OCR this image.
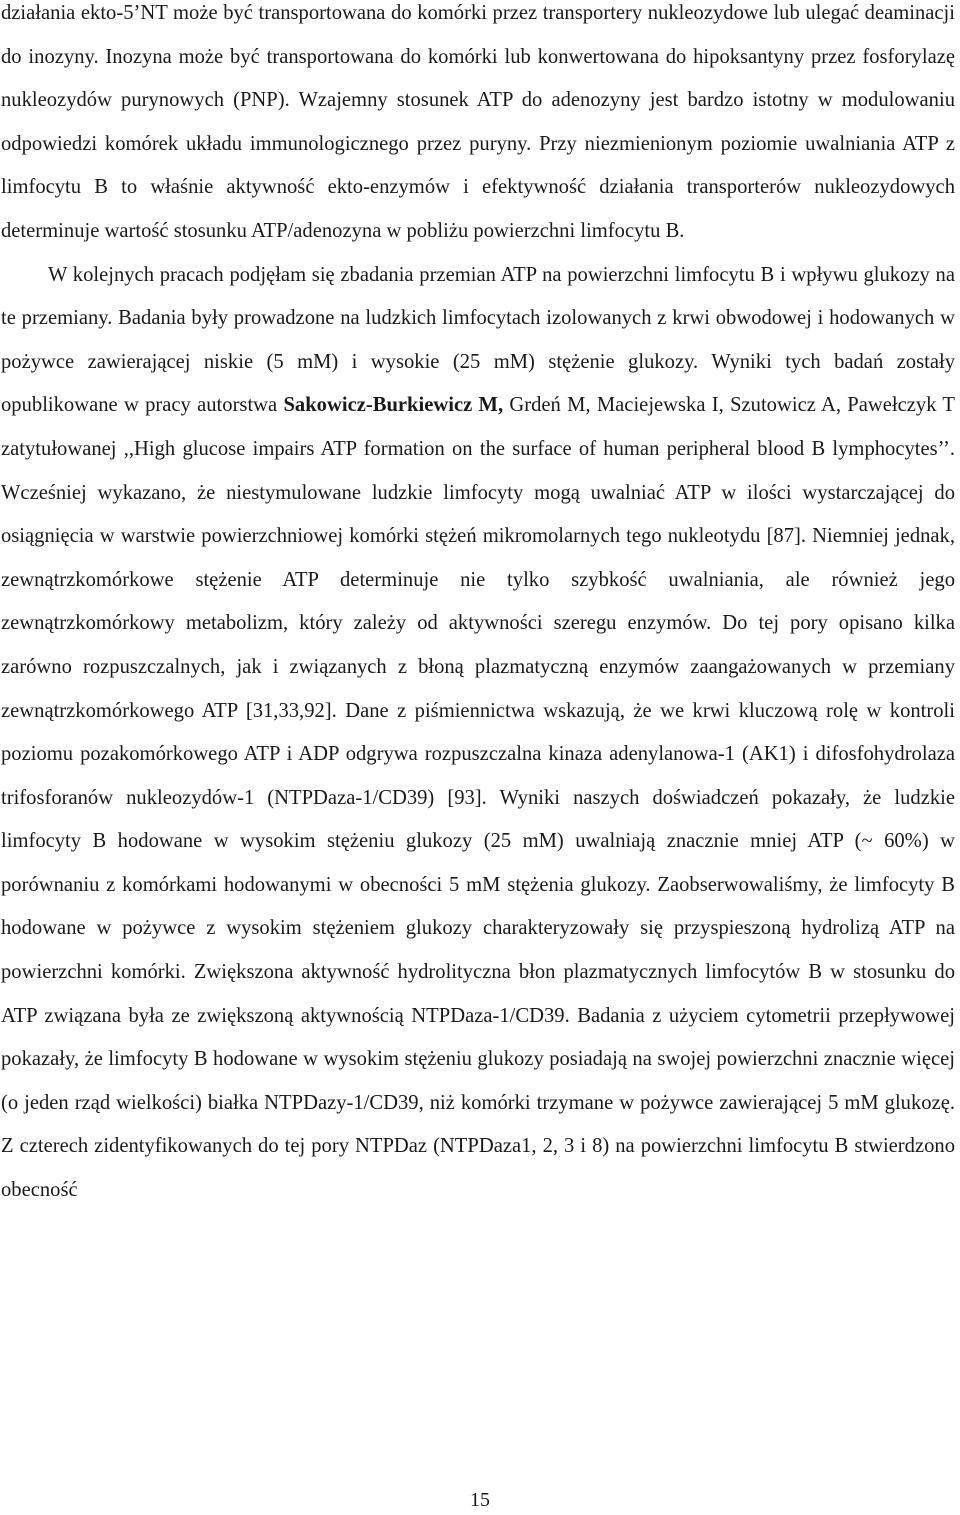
działania ekto-5’NT może być transportowana do komórki przez transportery nukleozydowe lub ulegać deaminacji do inozyny. Inozyna może być transportowana do komórki lub konwertowana do hipoksantyny przez fosforylazę nukleozydów purynowych (PNP). Wzajemny stosunek ATP do adenozyny jest bardzo istotny w modulowaniu odpowiedzi komórek układu immunologicznego przez puryny. Przy niezmienionym poziomie uwalniania ATP z limfocytu B to właśnie aktywność ekto-enzymów i efektywność działania transporterów nukleozydowych determinuje wartość stosunku ATP/adenozyna w pobliżu powierzchni limfocytu B.

W kolejnych pracach podjęłam się zbadania przemian ATP na powierzchni limfocytu B i wpływu glukozy na te przemiany. Badania były prowadzone na ludzkich limfocytach izolowanych z krwi obwodowej i hodowanych w pożywce zawierającej niskie (5 mM) i wysokie (25 mM) stężenie glukozy. Wyniki tych badań zostały opublikowane w pracy autorstwa Sakowicz-Burkiewicz M, Grdeń M, Maciejewska I, Szutowicz A, Pawełczyk T zatytułowanej ,,High glucose impairs ATP formation on the surface of human peripheral blood B lymphocytes’’. Wcześniej wykazano, że niestymulowane ludzkie limfocyty mogą uwalniać ATP w ilości wystarczającej do osiągnięcia w warstwie powierzchniowej komórki stężeń mikromolarnych tego nukleotydu [87]. Niemniej jednak, zewnątrzkomórkowe stężenie ATP determinuje nie tylko szybkość uwalniania, ale również jego zewnątrzkomórkowy metabolizm, który zależy od aktywności szeregu enzymów. Do tej pory opisano kilka zarówno rozpuszczalnych, jak i związanych z błoną plazmatyczną enzymów zaangażowanych w przemiany zewnątrzkomórkowego ATP [31,33,92]. Dane z piśmiennictwa wskazują, że we krwi kluczową rolę w kontroli poziomu pozakomórkowego ATP i ADP odgrywa rozpuszczalna kinaza adenylanowa-1 (AK1) i difosfohydrolaza trifosforanów nukleozydów-1 (NTPDaza-1/CD39) [93]. Wyniki naszych doświadczeń pokazały, że ludzkie limfocyty B hodowane w wysokim stężeniu glukozy (25 mM) uwalniają znacznie mniej ATP (~ 60%) w porównaniu z komórkami hodowanymi w obecności 5 mM stężenia glukozy. Zaobserwowaliśmy, że limfocyty B hodowane w pożywce z wysokim stężeniem glukozy charakteryzowały się przyspieszoną hydrolizą ATP na powierzchni komórki. Zwiększona aktywność hydrolityczna błon plazmatycznych limfocytów B w stosunku do ATP związana była ze zwiększoną aktywnością NTPDaza-1/CD39. Badania z użyciem cytometrii przepływowej pokazały, że limfocyty B hodowane w wysokim stężeniu glukozy posiadają na swojej powierzchni znacznie więcej (o jeden rząd wielkości) białka NTPDazy-1/CD39, niż komórki trzymane w pożywce zawierającej 5 mM glukozę. Z czterech zidentyfikowanych do tej pory NTPDaz (NTPDaza1, 2, 3 i 8) na powierzchni limfocytu B stwierdzono obecność

15
